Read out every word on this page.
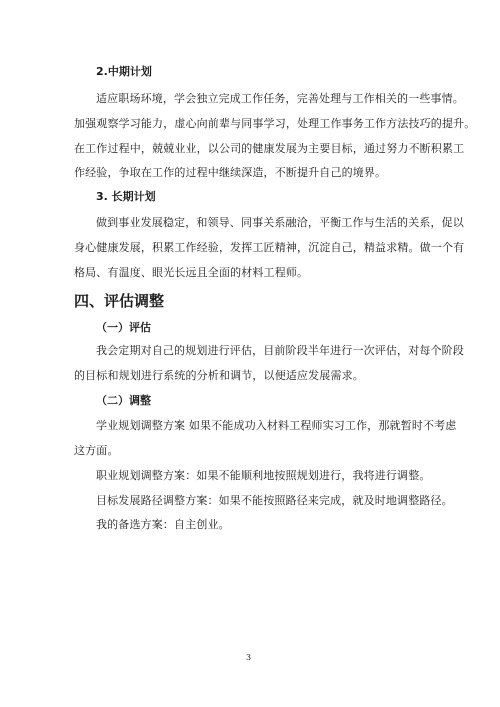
2.中期计划
适应职场环境，学会独立完成工作任务，完善处理与工作相关的一些事情。
加强观察学习能力，虚心向前辈与同事学习，处理工作事务工作方法技巧的提升。
在工作过程中，兢兢业业，以公司的健康发展为主要目标，通过努力不断积累工
作经验，争取在工作的过程中继续深造，不断提升自己的境界。
3. 长期计划
做到事业发展稳定，和领导、同事关系融洽，平衡工作与生活的关系，促以
身心健康发展，积累工作经验，发挥工匠精神，沉淀自己，精益求精。做一个有
格局、有温度、眼光长远且全面的材料工程师。
四、评估调整
（一）评估
我会定期对自己的规划进行评估，目前阶段半年进行一次评估，对每个阶段
的目标和规划进行系统的分析和调节，以便适应发展需求。
（二）调整
学业规划调整方案 如果不能成功入材料工程师实习工作，那就暂时不考虑
这方面。
职业规划调整方案：如果不能顺利地按照规划进行，我将进行调整。
目标发展路径调整方案：如果不能按照路径来完成，就及时地调整路径。
我的备选方案：自主创业。
3
